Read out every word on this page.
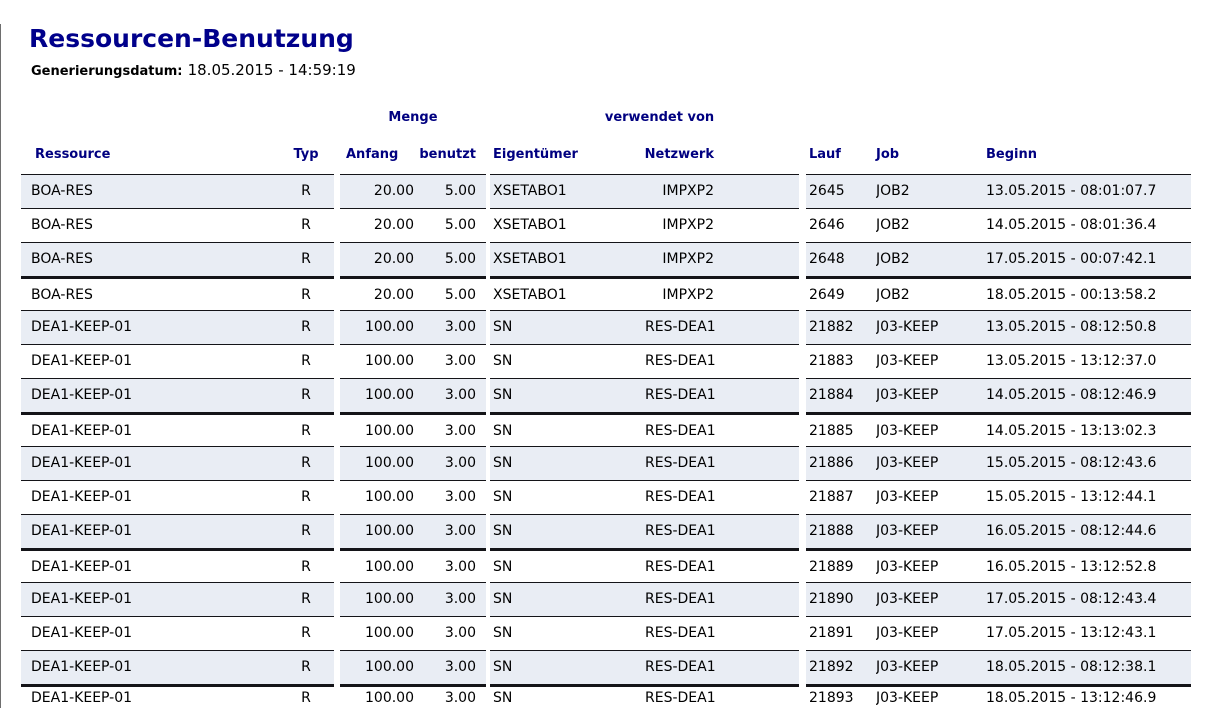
Ressourcen-Benutzung
Generierungsdatum: 18.05.2015 - 14:59:19
Menge	verwendet von
Ressource	Typ	Anfang	benutzt	Eigentümer	Netzwerk	Lauf	Job	Beginn
BOA-RES	R	20.00	5.00	XSETABO1	IMPXP2	2645	JOB2	13.05.2015 - 08:01:07.7
BOA-RES	R	20.00	5.00	XSETABO1	IMPXP2	2646	JOB2	14.05.2015 - 08:01:36.4
BOA-RES	R	20.00	5.00	XSETABO1	IMPXP2	2648	JOB2	17.05.2015 - 00:07:42.1
BOA-RES	R	20.00	5.00	XSETABO1	IMPXP2	2649	JOB2	18.05.2015 - 00:13:58.2
DEA1-KEEP-01	R	100.00	3.00	SN	RES-DEA1	21882	J03-KEEP	13.05.2015 - 08:12:50.8
DEA1-KEEP-01	R	100.00	3.00	SN	RES-DEA1	21883	J03-KEEP	13.05.2015 - 13:12:37.0
DEA1-KEEP-01	R	100.00	3.00	SN	RES-DEA1	21884	J03-KEEP	14.05.2015 - 08:12:46.9
DEA1-KEEP-01	R	100.00	3.00	SN	RES-DEA1	21885	J03-KEEP	14.05.2015 - 13:13:02.3
DEA1-KEEP-01	R	100.00	3.00	SN	RES-DEA1	21886	J03-KEEP	15.05.2015 - 08:12:43.6
DEA1-KEEP-01	R	100.00	3.00	SN	RES-DEA1	21887	J03-KEEP	15.05.2015 - 13:12:44.1
DEA1-KEEP-01	R	100.00	3.00	SN	RES-DEA1	21888	J03-KEEP	16.05.2015 - 08:12:44.6
DEA1-KEEP-01	R	100.00	3.00	SN	RES-DEA1	21889	J03-KEEP	16.05.2015 - 13:12:52.8
DEA1-KEEP-01	R	100.00	3.00	SN	RES-DEA1	21890	J03-KEEP	17.05.2015 - 08:12:43.4
DEA1-KEEP-01	R	100.00	3.00	SN	RES-DEA1	21891	J03-KEEP	17.05.2015 - 13:12:43.1
DEA1-KEEP-01	R	100.00	3.00	SN	RES-DEA1	21892	J03-KEEP	18.05.2015 - 08:12:38.1
DEA1-KEEP-01	R	100.00	3.00	SN	RES-DEA1	21893	J03-KEEP	18.05.2015 - 13:12:46.9
